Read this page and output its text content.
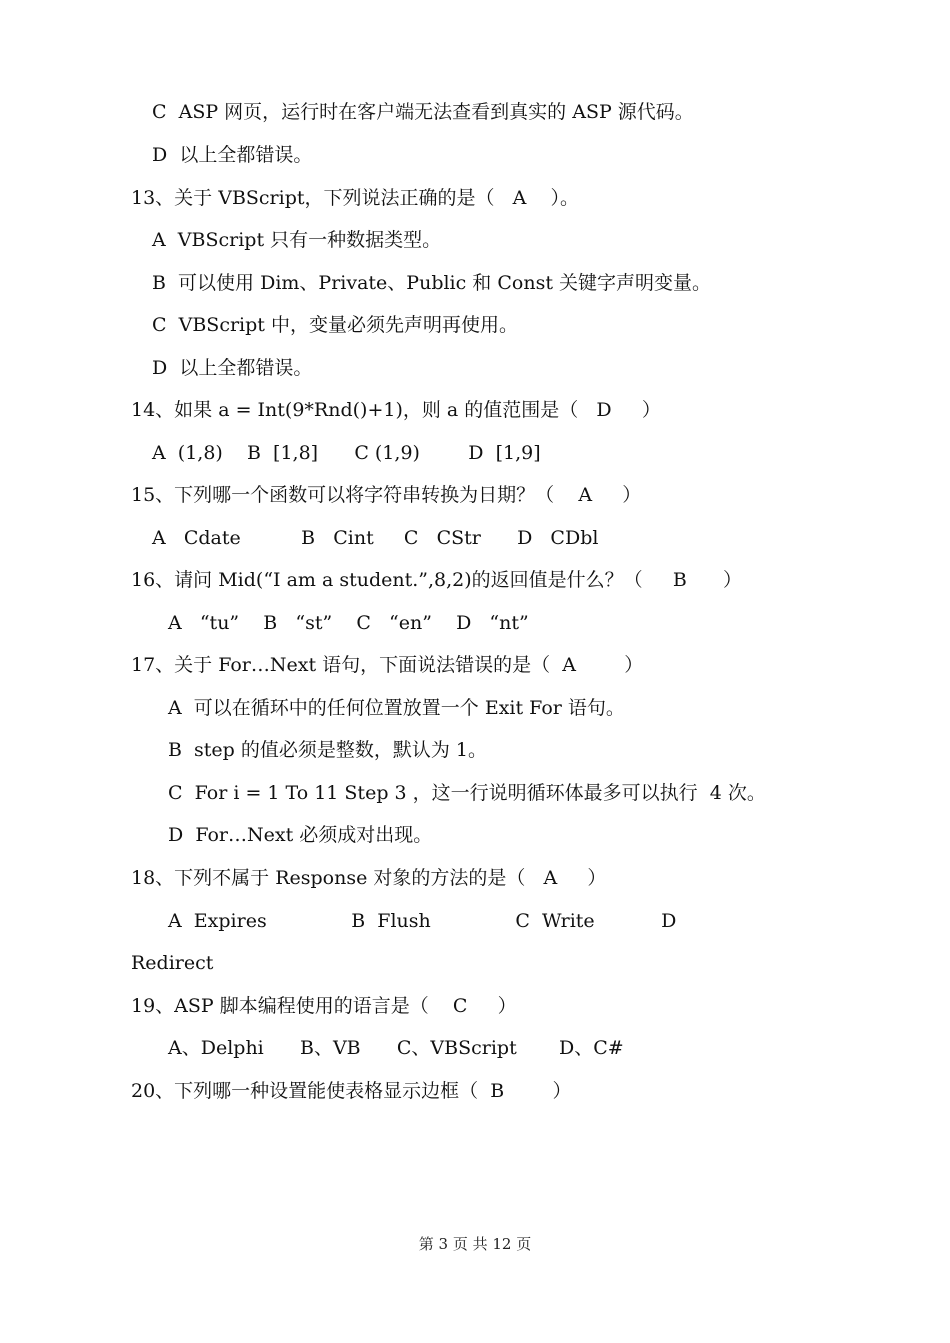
C  ASP 网页，运行时在客户端无法查看到真实的 ASP 源代码。
D  以上全都错误。
13、关于 VBScript，下列说法正确的是（   A    ）。
A  VBScript 只有一种数据类型。
B  可以使用 Dim、Private、Public 和 Const 关键字声明变量。
C  VBScript 中，变量必须先声明再使用。
D  以上全都错误。
14、如果 a = Int(9*Rnd()+1)，则 a 的值范围是（   D     ）
A  (1,8)    B  [1,8]      C (1,9)        D  [1,9]
15、下列哪一个函数可以将字符串转换为日期？（    A     ）
A   Cdate          B   Cint     C   CStr      D   CDbl
16、请问 Mid(“I am a student.”,8,2)的返回值是什么？（     B      ）
A   “tu”    B   “st”    C   “en”    D   “nt”
17、关于 For…Next 语句，下面说法错误的是（  A        ）
A  可以在循环中的任何位置放置一个 Exit For 语句。
B  step 的值必须是整数，默认为 1。
C  For i = 1 To 11 Step 3 ，这一行说明循环体最多可以执行  4 次。
D  For…Next 必须成对出现。
18、下列不属于 Response 对象的方法的是（   A     ）
A  Expires              B  Flush              C  Write           D
Redirect
19、ASP 脚本编程使用的语言是（    C     ）
A、Delphi      B、VB      C、VBScript       D、C#
20、下列哪一种设置能使表格显示边框（  B        ）
第 3 页 共 12 页
